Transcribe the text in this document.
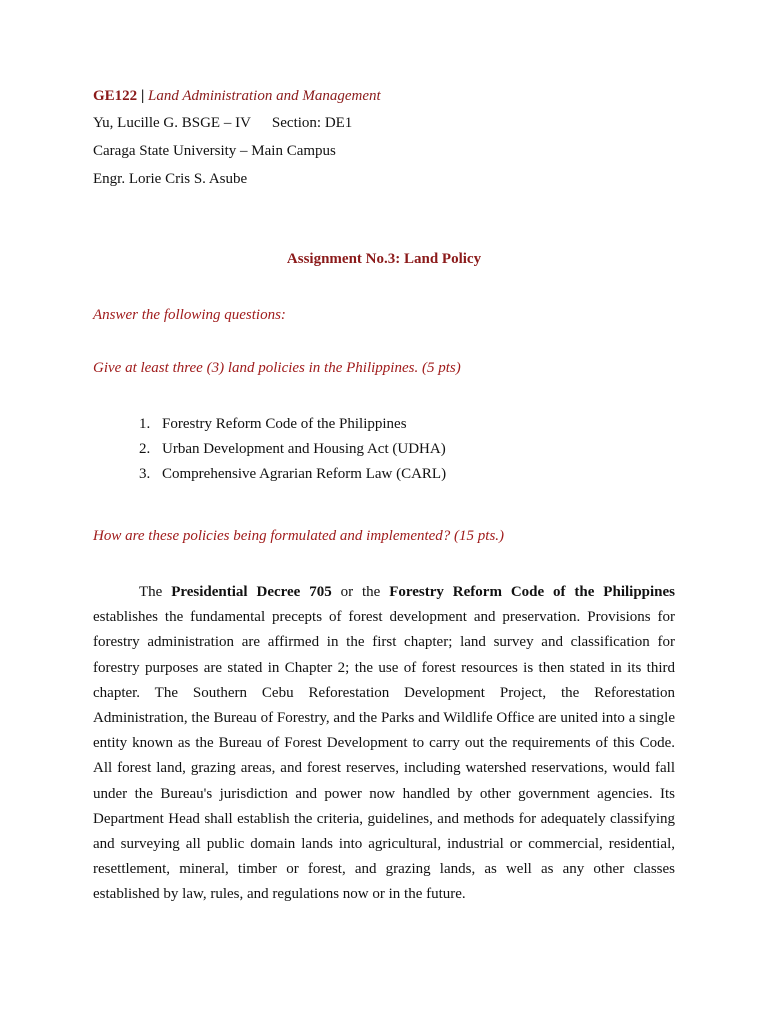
GE122 | Land Administration and Management
Yu, Lucille G. BSGE – IV Section: DE1
Caraga State University – Main Campus
Engr. Lorie Cris S. Asube
Assignment No.3: Land Policy
Answer the following questions:
Give at least three (3) land policies in the Philippines. (5 pts)
1. Forestry Reform Code of the Philippines
2. Urban Development and Housing Act (UDHA)
3. Comprehensive Agrarian Reform Law (CARL)
How are these policies being formulated and implemented? (15 pts.)

The Presidential Decree 705 or the Forestry Reform Code of the Philippines establishes the fundamental precepts of forest development and preservation. Provisions for forestry administration are affirmed in the first chapter; land survey and classification for forestry purposes are stated in Chapter 2; the use of forest resources is then stated in its third chapter. The Southern Cebu Reforestation Development Project, the Reforestation Administration, the Bureau of Forestry, and the Parks and Wildlife Office are united into a single entity known as the Bureau of Forest Development to carry out the requirements of this Code. All forest land, grazing areas, and forest reserves, including watershed reservations, would fall under the Bureau's jurisdiction and power now handled by other government agencies. Its Department Head shall establish the criteria, guidelines, and methods for adequately classifying and surveying all public domain lands into agricultural, industrial or commercial, residential, resettlement, mineral, timber or forest, and grazing lands, as well as any other classes established by law, rules, and regulations now or in the future.
